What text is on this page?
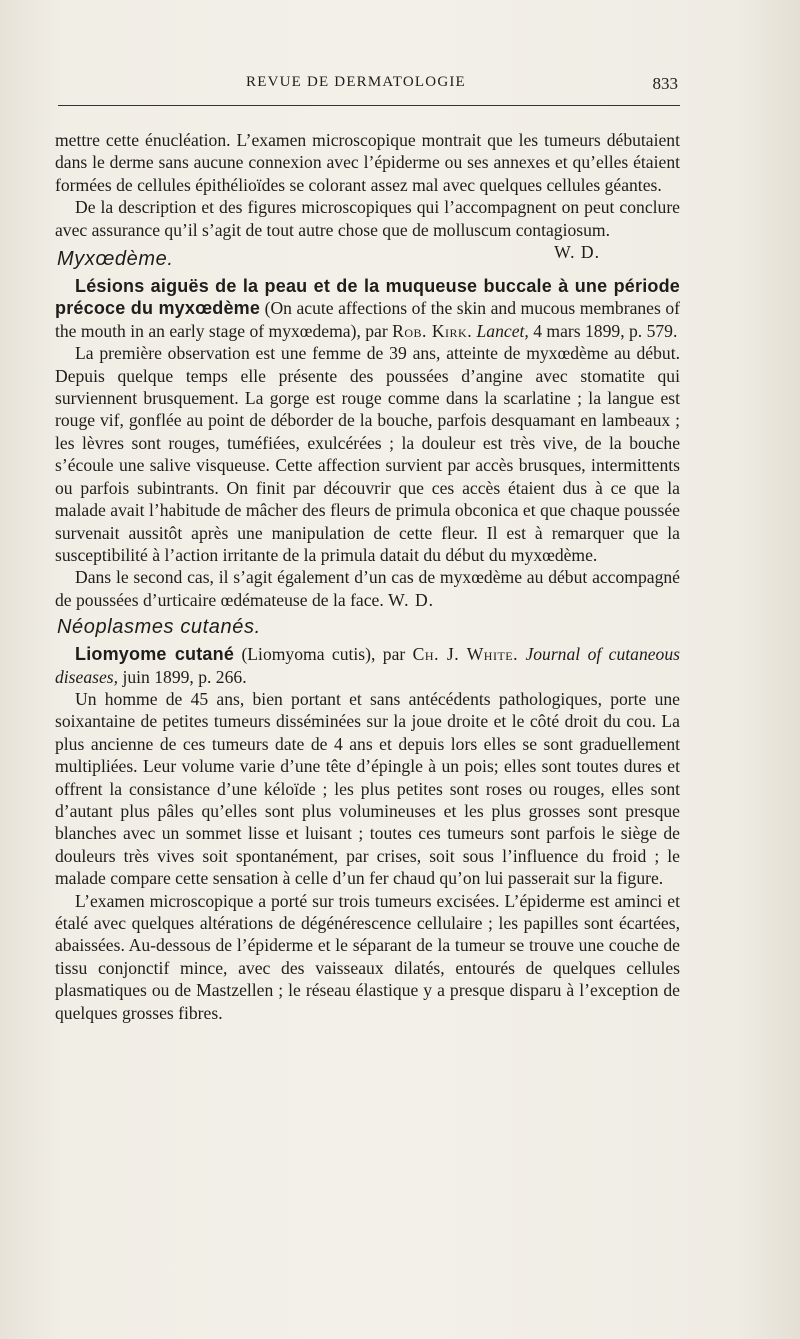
REVUE DE DERMATOLOGIE	833

mettre cette énucléation. L’examen microscopique montrait que les tumeurs débutaient dans le derme sans aucune connexion avec l’épiderme ou ses annexes et qu’elles étaient formées de cellules épithélioïdes se colorant assez mal avec quelques cellules géantes.

De la description et des figures microscopiques qui l’accompagnent on peut conclure avec assurance qu’il s’agit de tout autre chose que de molluscum contagiosum.
W. D.

Myxœdème.

Lésions aiguës de la peau et de la muqueuse buccale à une période précoce du myxœdème (On acute affections of the skin and mucous membranes of the mouth in an early stage of myxœdema), par Rob. Kirk. Lancet, 4 mars 1899, p. 579.

La première observation est une femme de 39 ans, atteinte de myxœdème au début. Depuis quelque temps elle présente des poussées d’angine avec stomatite qui surviennent brusquement. La gorge est rouge comme dans la scarlatine ; la langue est rouge vif, gonflée au point de déborder de la bouche, parfois desquamant en lambeaux ; les lèvres sont rouges, tuméfiées, exulcérées ; la douleur est très vive, de la bouche s’écoule une salive visqueuse. Cette affection survient par accès brusques, intermittents ou parfois subintrants. On finit par découvrir que ces accès étaient dus à ce que la malade avait l’habitude de mâcher des fleurs de primula obconica et que chaque poussée survenait aussitôt après une manipulation de cette fleur. Il est à remarquer que la susceptibilité à l’action irritante de la primula datait du début du myxœdème.

Dans le second cas, il s’agit également d’un cas de myxœdème au début accompagné de poussées d’urticaire œdémateuse de la face. W. D.

Néoplasmes cutanés.

Liomyome cutané (Liomyoma cutis), par Ch. J. White. Journal of cutaneous diseases, juin 1899, p. 266.

Un homme de 45 ans, bien portant et sans antécédents pathologiques, porte une soixantaine de petites tumeurs disséminées sur la joue droite et le côté droit du cou. La plus ancienne de ces tumeurs date de 4 ans et depuis lors elles se sont graduellement multipliées. Leur volume varie d’une tête d’épingle à un pois; elles sont toutes dures et offrent la consistance d’une kéloïde ; les plus petites sont roses ou rouges, elles sont d’autant plus pâles qu’elles sont plus volumineuses et les plus grosses sont presque blanches avec un sommet lisse et luisant ; toutes ces tumeurs sont parfois le siège de douleurs très vives soit spontanément, par crises, soit sous l’influence du froid ; le malade compare cette sensation à celle d’un fer chaud qu’on lui passerait sur la figure.

L’examen microscopique a porté sur trois tumeurs excisées. L’épiderme est aminci et étalé avec quelques altérations de dégénérescence cellulaire ; les papilles sont écartées, abaissées. Au-dessous de l’épiderme et le séparant de la tumeur se trouve une couche de tissu conjonctif mince, avec des vaisseaux dilatés, entourés de quelques cellules plasmatiques ou de Mastzellen ; le réseau élastique y a presque disparu à l’exception de quelques grosses fibres.
